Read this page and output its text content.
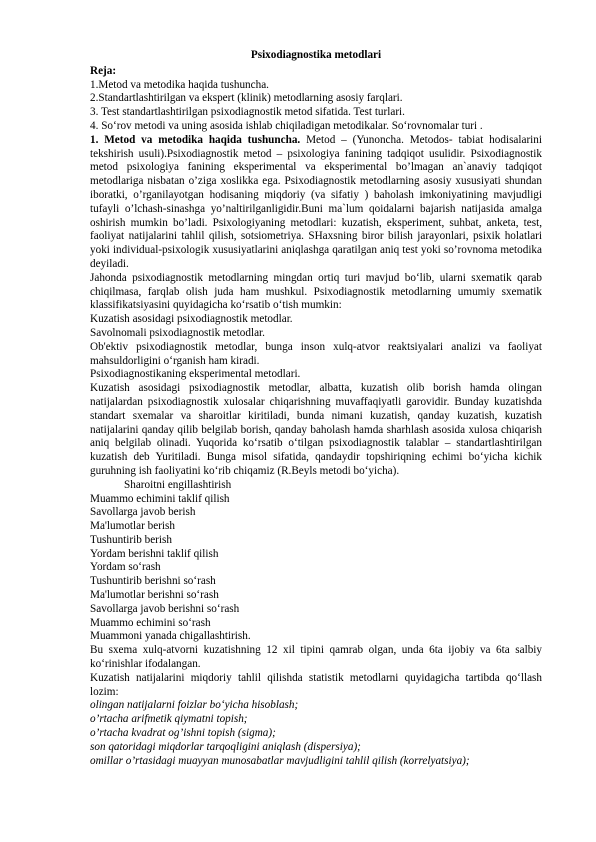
Psixodiagnostika metodlari

Reja:

1.Metod va metodika haqida tushuncha.

2.Standartlashtirilgan va ekspert (klinik) metodlarning asosiy farqlari.

3. Test standartlashtirilgan psixodiagnostik metod sifatida. Test turlari.

4. So‘rov metodi va uning asosida ishlab chiqiladigan metodikalar. So‘rovnomalar turi .

1. Metod va metodika haqida tushuncha. Metod – (Yunoncha. Metodos- tabiat hodisalarini tekshirish usuli).Psixodiagnostik metod – psixologiya fanining tadqiqot usulidir. Psixodiagnostik metod psixologiya fanining eksperimental va eksperimental bo’lmagan an`anaviy tadqiqot metodlariga nisbatan o’ziga xoslikka ega. Psixodiagnostik metodlarning asosiy xususiyati shundan iboratki, o’rganilayotgan hodisaning miqdoriy (va sifatiy ) baholash imkoniyatining mavjudligi tufayli o’lchash-sinashga yo’naltirilganligidir.Buni ma`lum qoidalarni bajarish natijasida amalga oshirish mumkin bo’ladi. Psixologiyaning metodlari: kuzatish, eksperiment, suhbat, anketa, test, faoliyat natijalarini tahlil qilish, sotsiometriya. SHaxsning biror bilish jarayonlari, psixik holatlari yoki individual-psixologik xususiyatlarini aniqlashga qaratilgan aniq test yoki so’rovnoma metodika deyiladi.

Jahonda psixodiagnostik metodlarning mingdan ortiq turi mavjud bo‘lib, ularni sxematik qarab chiqilmasa, farqlab olish juda ham mushkul. Psixodiagnostik metodlarning umumiy sxematik klassifikatsiyasini quyidagicha ko‘rsatib o‘tish mumkin:

Kuzatish asosidagi psixodiagnostik metodlar.

Savolnomali psixodiagnostik metodlar.

Ob'ektiv psixodiagnostik metodlar, bunga inson xulq-atvor reaktsiyalari analizi va faoliyat mahsuldorligini o‘rganish ham kiradi.

Psixodiagnostikaning eksperimental metodlari.

Kuzatish asosidagi psixodiagnostik metodlar, albatta, kuzatish olib borish hamda olingan natijalardan psixodiagnostik xulosalar chiqarishning muvaffaqiyatli garovidir. Bunday kuzatishda standart sxemalar va sharoitlar kiritiladi, bunda nimani kuzatish, qanday kuzatish, kuzatish natijalarini qanday qilib belgilab borish, qanday baholash hamda sharhlash asosida xulosa chiqarish aniq belgilab olinadi. Yuqorida ko‘rsatib o‘tilgan psixodiagnostik talablar – standartlashtirilgan kuzatish deb Yuritiladi. Bunga misol sifatida, qandaydir topshiriqning echimi bo‘yicha kichik guruhning ish faoliyatini ko‘rib chiqamiz (R.Beyls metodi bo‘yicha).

Sharoitni engillashtirish

Muammo echimini taklif qilish

Savollarga javob berish

Ma'lumotlar berish

Tushuntirib berish

Yordam berishni taklif qilish

Yordam so‘rash

Tushuntirib berishni so‘rash

Ma'lumotlar berishni so‘rash

Savollarga javob berishni so‘rash

Muammo echimini so‘rash

Muammoni yanada chigallashtirish.

Bu sxema xulq-atvorni kuzatishning 12 xil tipini qamrab olgan, unda 6ta ijobiy va 6ta salbiy ko‘rinishlar ifodalangan.

Kuzatish natijalarini miqdoriy tahlil qilishda statistik metodlarni quyidagicha tartibda qo‘llash lozim:

olingan natijalarni foizlar bo‘yicha hisoblash;

o’rtacha arifmetik qiymatni topish;

o’rtacha kvadrat og’ishni topish (sigma);

son qatoridagi miqdorlar tarqoqligini aniqlash (dispersiya);

omillar o’rtasidagi muayyan munosabatlar mavjudligini tahlil qilish (korrelyatsiya);
